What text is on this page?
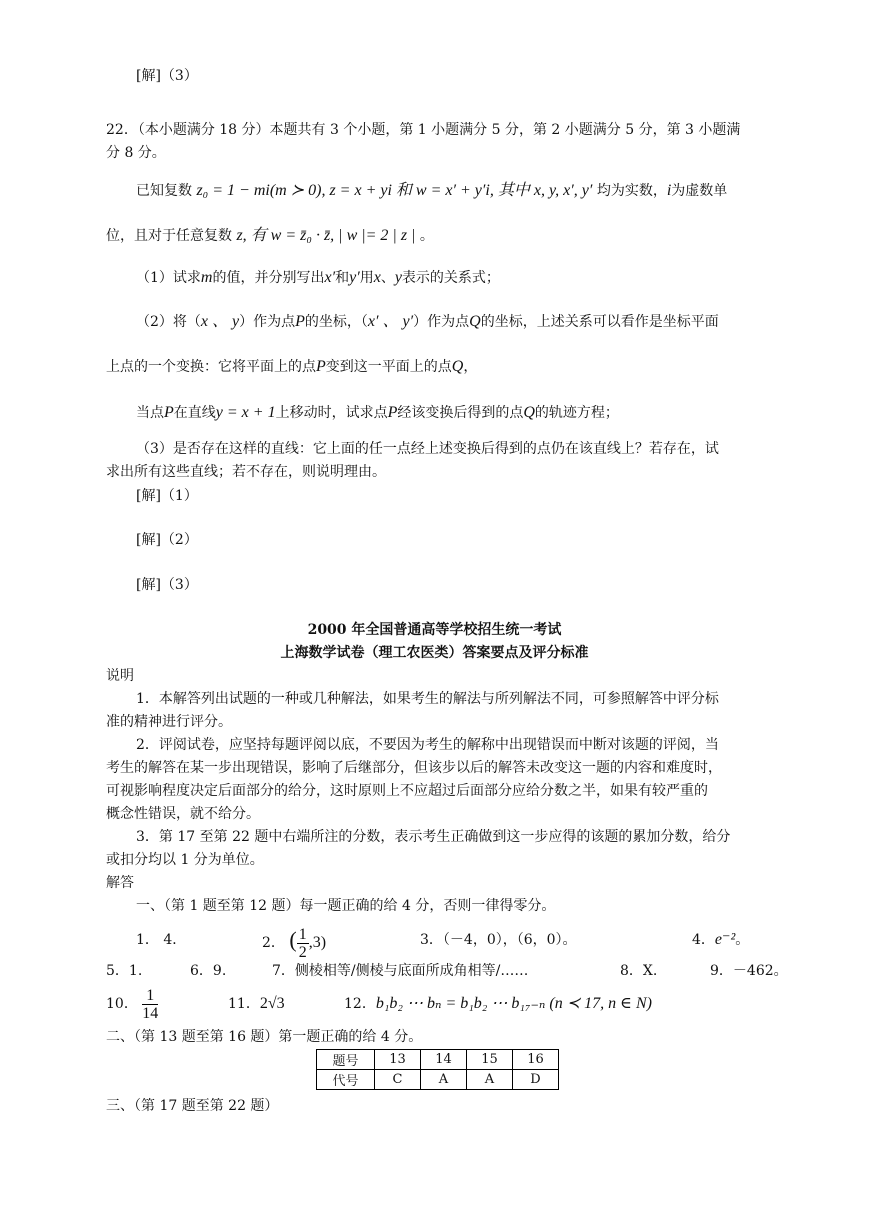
[解]（3）
22．（本小题满分 18 分）本题共有 3 个小题，第 1 小题满分 5 分，第 2 小题满分 5 分，第 3 小题满
分 8 分。
已知复数 z₀ = 1 − mi(m ≻ 0), z = x + yi 和 w = x′ + y′i, 其中 x, y, x′, y′ 均为实数，i为虚数单
位，且对于任意复数 z, 有 w = z̄₀ · z̄, | w |= 2 | z | 。
（1）试求m的值，并分别写出x′和y′用x、y表示的关系式；
（2）将（x 、 y）作为点P的坐标，（x′ 、 y′）作为点Q的坐标，上述关系可以看作是坐标平面
上点的一个变换：它将平面上的点P变到这一平面上的点Q，
当点P在直线y = x + 1上移动时，试求点P经该变换后得到的点Q的轨迹方程；
（3）是否存在这样的直线：它上面的任一点经上述变换后得到的点仍在该直线上？若存在，试
求出所有这些直线；若不存在，则说明理由。
[解]（1）
[解]（2）
[解]（3）
2000 年全国普通高等学校招生统一考试
上海数学试卷（理工农医类）答案要点及评分标准
说明
1．本解答列出试题的一种或几种解法，如果考生的解法与所列解法不同，可参照解答中评分标
准的精神进行评分。
2．评阅试卷，应坚持每题评阅以底，不要因为考生的解称中出现错误而中断对该题的评阅，当
考生的解答在某一步出现错误，影响了后继部分，但该步以后的解答未改变这一题的内容和难度时，
可视影响程度决定后面部分的给分，这时原则上不应超过后面部分应给分数之半，如果有较严重的
概念性错误，就不给分。
3．第 17 至第 22 题中右端所注的分数，表示考生正确做到这一步应得的该题的累加分数，给分
或扣分均以 1 分为单位。
解答
一、（第 1 题至第 12 题）每一题正确的给 4 分，否则一律得零分。
1． 4．	2． ( $\frac{1}{2} ,3$)	3．（－4，0），（6，0）。	4．e⁻²。
5．1.	6．9.	7．侧棱相等/侧棱与底面所成角相等/……	8．X.	9．－462。
10． $\frac{1}{14}$	11．2√3	12．b₁b₂ ⋯ bₙ = b₁b₂ ⋯ b₁₇₋ₙ (n ≺ 17, n ∈ N)
二、（第 13 题至第 16 题）第一题正确的给 4 分。
题号	13	14	15	16
代号	C	A	A	D
三、（第 17 题至第 22 题）
